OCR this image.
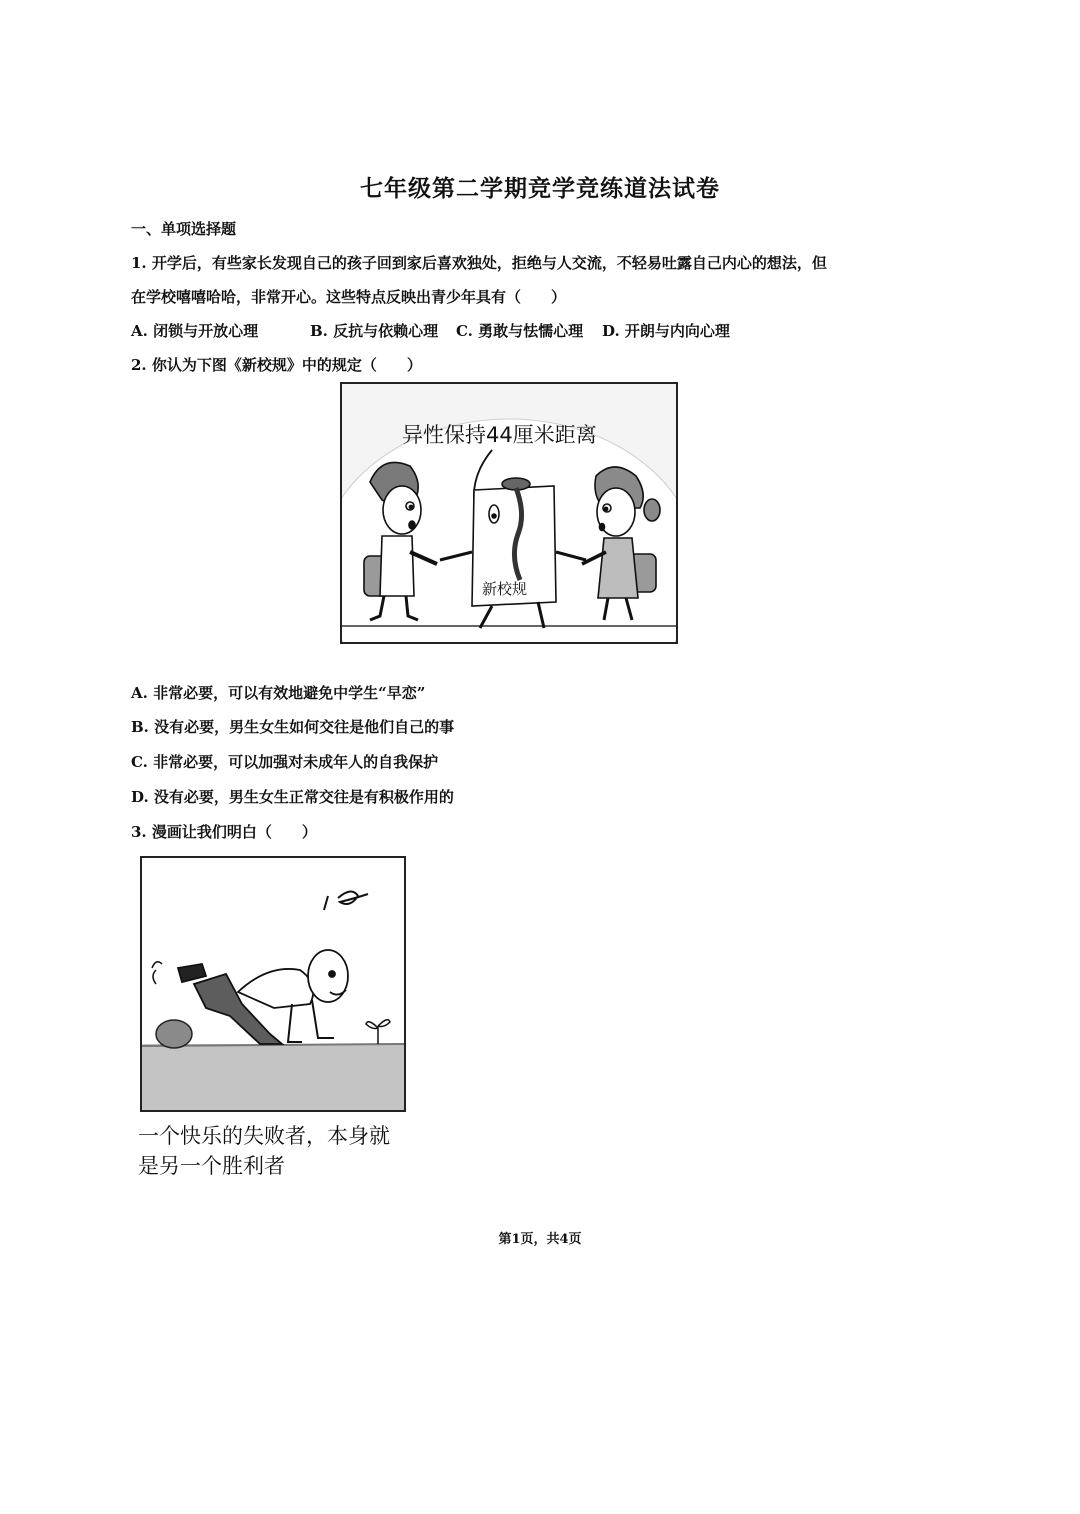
七年级第二学期竞学竞练道法试卷
一、单项选择题
1. 开学后，有些家长发现自己的孩子回到家后喜欢独处，拒绝与人交流，不轻易吐露自己内心的想法，但
在学校嘻嘻哈哈，非常开心。这些特点反映出青少年具有（　　）
A. 闭锁与开放心理	B. 反抗与依赖心理 C. 勇敢与怯懦心理 D. 开朗与内向心理
2. 你认为下图《新校规》中的规定（　　）
异性保持44厘米距离
新校规
A. 非常必要，可以有效地避免中学生“早恋”
B. 没有必要，男生女生如何交往是他们自己的事
C. 非常必要，可以加强对未成年人的自我保护
D. 没有必要，男生女生正常交往是有积极作用的
3. 漫画让我们明白（　　）
一个快乐的失败者，本身就
是另一个胜利者
第1页，共4页
